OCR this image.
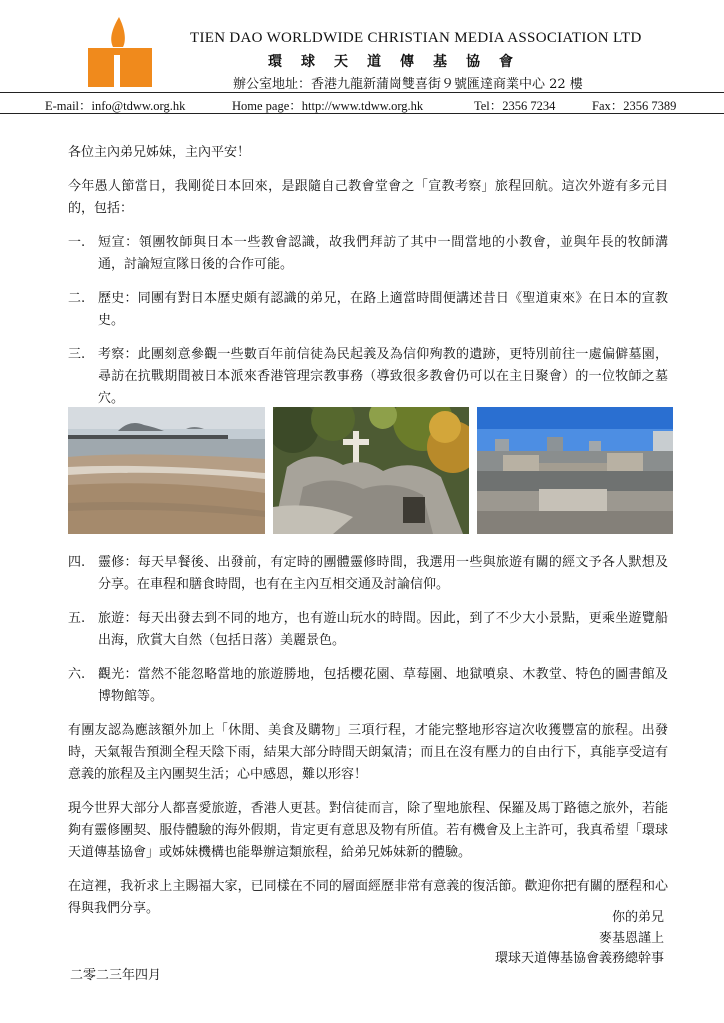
TIEN DAO WORLDWIDE CHRISTIAN MEDIA ASSOCIATION LTD
環球天道傳基協會
辦公室地址：香港九龍新蒲崗雙喜街９號匯達商業中心 22 樓
E-mail：info@tdww.org.hk	Home page：http://www.tdww.org.hk	Tel：2356 7234	Fax：2356 7389

各位主內弟兄姊妹，主內平安！

今年愚人節當日，我剛從日本回來，是跟隨自己教會堂會之「宣教考察」旅程回航。這次外遊有多元目的，包括：

一. 短宣：領團牧師與日本一些教會認識，故我們拜訪了其中一間當地的小教會，並與年長的牧師溝通，討論短宣隊日後的合作可能。
二. 歷史：同團有對日本歷史頗有認識的弟兄，在路上適當時間便講述昔日《聖道東來》在日本的宣教史。
三. 考察：此團刻意參觀一些數百年前信徒為民起義及為信仰殉教的遺跡，更特別前往一處偏僻墓園，尋訪在抗戰期間被日本派來香港管理宗教事務（導致很多教會仍可以在主日聚會）的一位牧師之墓穴。
四. 靈修：每天早餐後、出發前，有定時的團體靈修時間，我選用一些與旅遊有關的經文予各人默想及分享。在車程和膳食時間，也有在主內互相交通及討論信仰。
五. 旅遊：每天出發去到不同的地方，也有遊山玩水的時間。因此，到了不少大小景點，更乘坐遊覽船出海，欣賞大自然（包括日落）美麗景色。
六. 觀光：當然不能忽略當地的旅遊勝地，包括櫻花園、草莓園、地獄噴泉、木教堂、特色的圖書館及博物館等。

有團友認為應該額外加上「休閒、美食及購物」三項行程，才能完整地形容這次收獲豐富的旅程。出發時，天氣報告預測全程天陰下雨，結果大部分時間天朗氣清；而且在沒有壓力的自由行下，真能享受這有意義的旅程及主內團契生活；心中感恩，難以形容！

現今世界大部分人都喜愛旅遊，香港人更甚。對信徒而言，除了聖地旅程、保羅及馬丁路德之旅外，若能夠有靈修團契、服侍體驗的海外假期，肯定更有意思及物有所值。若有機會及上主許可，我真希望「環球天道傳基協會」或姊妹機構也能舉辦這類旅程，給弟兄姊妹新的體驗。

在這裡，我祈求上主賜福大家，已同樣在不同的層面經歷非常有意義的復活節。歡迎你把有關的歷程和心得與我們分享。

你的弟兄
麥基恩謹上
環球天道傳基協會義務總幹事
二零二三年四月
